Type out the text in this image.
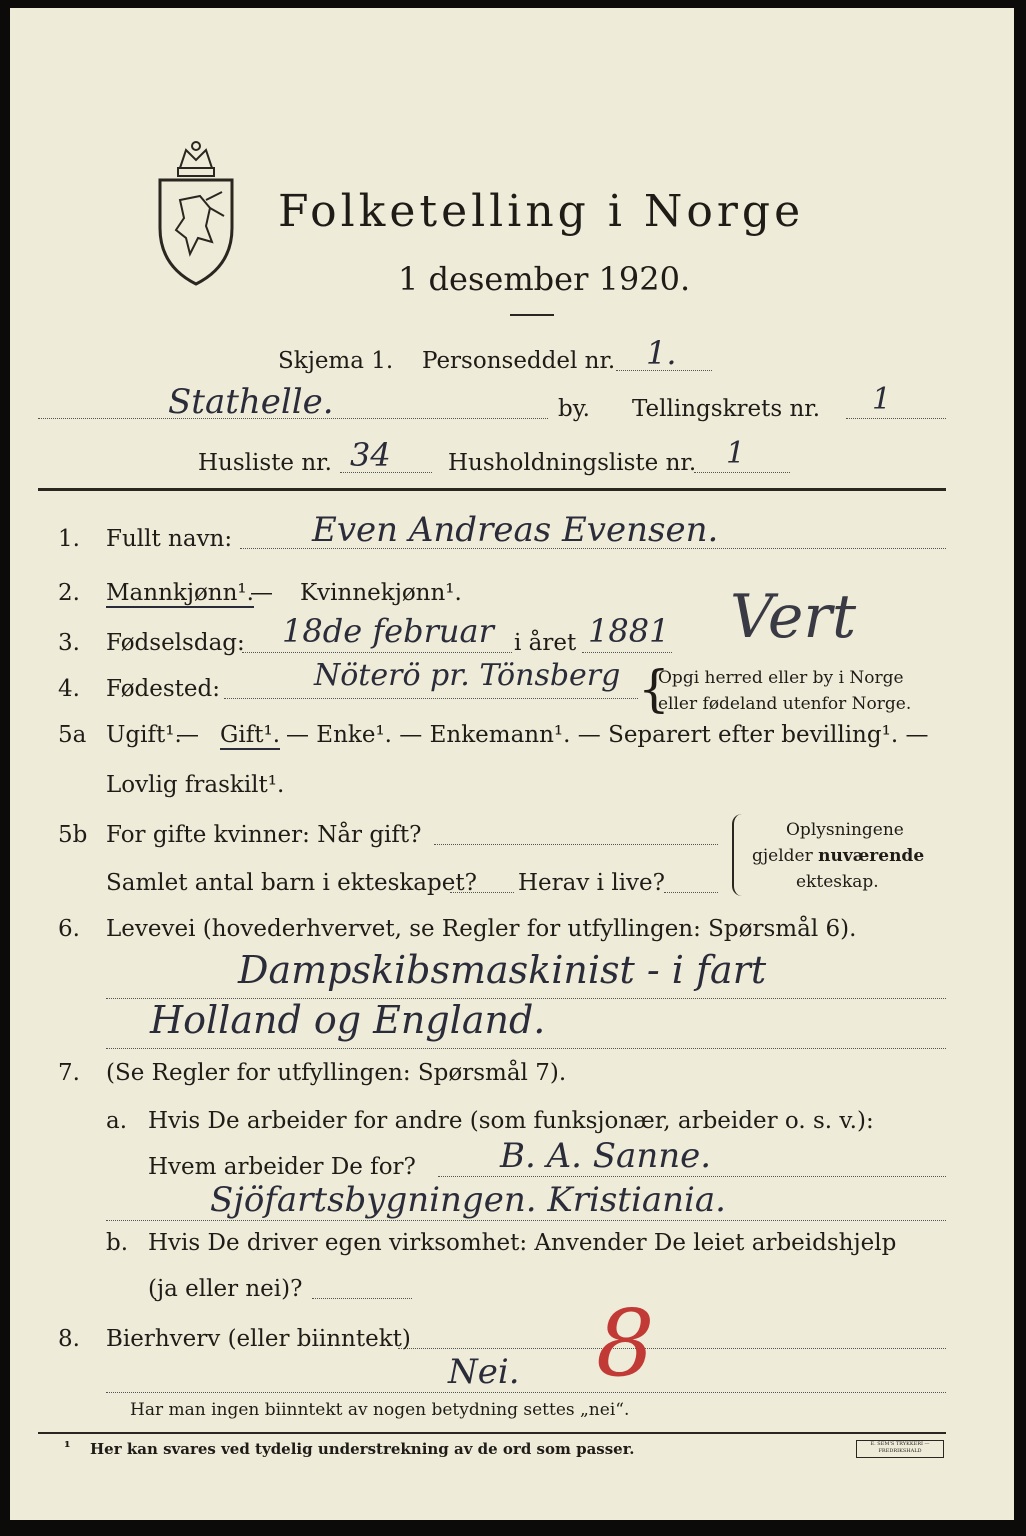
Folketelling i Norge
1 desember 1920.
Skjema 1. Personseddel nr. 1.
Stathelle.	by. Tellingskrets nr. 1
Husliste nr. 34 Husholdningsliste nr. 1
1. Fullt navn: Even Andreas Evensen.
2. Mannkjønn¹.
— Kvinnekjønn¹.
3. Fødselsdag: 18de februar i året 1881 Vert
4. Fødested:	Nöterö pr. Tönsberg {
Opgi herred eller by i Norge
eller fødeland utenfor Norge.
5a Ugift¹.
— Gift¹. — Enke¹. — Enkemann¹. — Separert efter bevilling¹. —
Lovlig fraskilt¹.
5b For gifte kvinner: Når gift?
Samlet antal barn i ekteskapet? Herav i live?
Oplysningene
gjelder nuværende
ekteskap.
6. Levevei (hovederhvervet, se Regler for utfyllingen: Spørsmål 6).
Dampskibsmaskinist - i fart
Holland og England.
7. (Se Regler for utfyllingen: Spørsmål 7).
a. Hvis De arbeider for andre (som funksjonær, arbeider o. s. v.):
Hvem arbeider De for? B. A. Sanne.
Sjöfartsbygningen. Kristiania.
b. Hvis De driver egen virksomhet: Anvender De leiet arbeidshjelp
(ja eller nei)?
8. Bierhverv (eller biinntekt)
Nei. 8
Har man ingen biinntekt av nogen betydning settes „nei“.
¹ Her kan svares ved tydelig understrekning av de ord som passer.	E. SEM'S TRYKKERI — FREDRIKSHALD
